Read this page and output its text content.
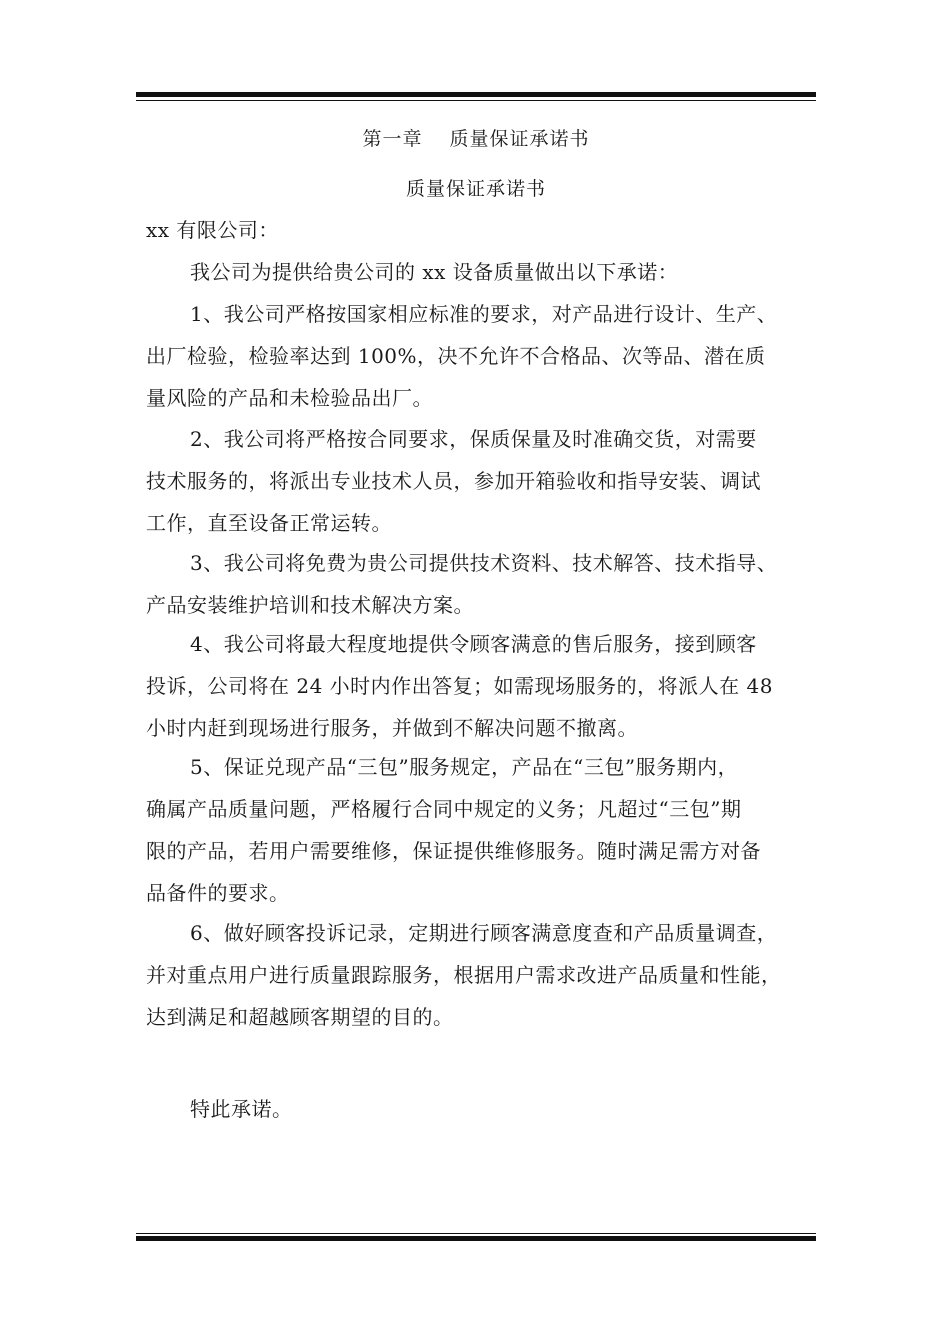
第一章　 质量保证承诺书
质量保证承诺书
xx 有限公司：
我公司为提供给贵公司的 xx 设备质量做出以下承诺：
1、我公司严格按国家相应标准的要求，对产品进行设计、生产、
出厂检验，检验率达到 100%，决不允许不合格品、次等品、潜在质
量风险的产品和未检验品出厂。
2、我公司将严格按合同要求，保质保量及时准确交货，对需要
技术服务的，将派出专业技术人员，参加开箱验收和指导安装、调试
工作，直至设备正常运转。
3、我公司将免费为贵公司提供技术资料、技术解答、技术指导、
产品安装维护培训和技术解决方案。
4、我公司将最大程度地提供令顾客满意的售后服务，接到顾客
投诉，公司将在 24 小时内作出答复；如需现场服务的，将派人在 48
小时内赶到现场进行服务，并做到不解决问题不撤离。
5、保证兑现产品“三包”服务规定，产品在“三包”服务期内，
确属产品质量问题，严格履行合同中规定的义务；凡超过“三包”期
限的产品，若用户需要维修，保证提供维修服务。随时满足需方对备
品备件的要求。
6、做好顾客投诉记录，定期进行顾客满意度查和产品质量调查，
并对重点用户进行质量跟踪服务，根据用户需求改进产品质量和性能，
达到满足和超越顾客期望的目的。
特此承诺。
